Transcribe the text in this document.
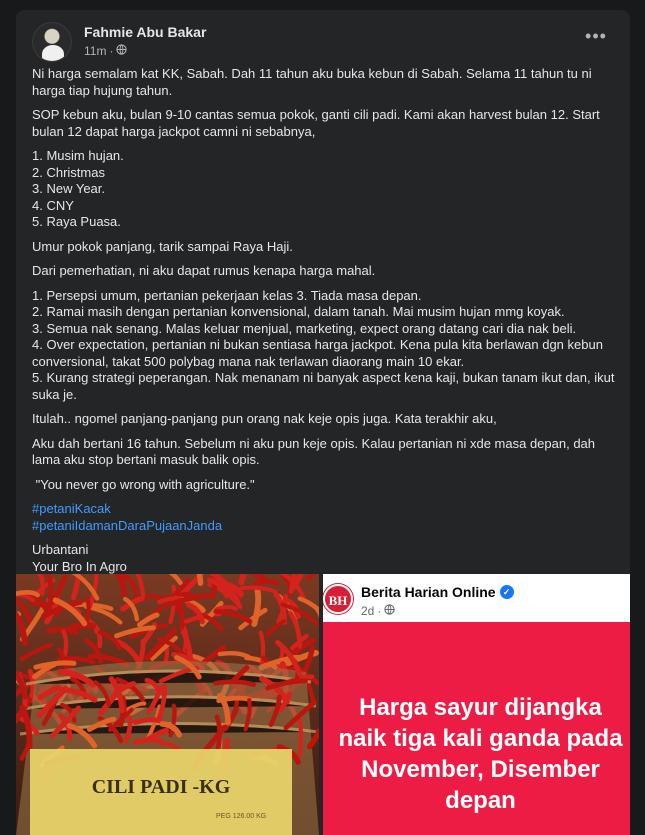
Fahmie Abu Bakar
11m ·
•••

Ni harga semalam kat KK, Sabah. Dah 11 tahun aku buka kebun di Sabah. Selama 11 tahun tu ni harga tiap hujung tahun.

SOP kebun aku, bulan 9-10 cantas semua pokok, ganti cili padi. Kami akan harvest bulan 12. Start bulan 12 dapat harga jackpot camni ni sebabnya,

1. Musim hujan.
2. Christmas
3. New Year.
4. CNY
5. Raya Puasa.

Umur pokok panjang, tarik sampai Raya Haji.

Dari pemerhatian, ni aku dapat rumus kenapa harga mahal.

1. Persepsi umum, pertanian pekerjaan kelas 3. Tiada masa depan.
2. Ramai masih dengan pertanian konvensional, dalam tanah. Mai musim hujan mmg koyak.
3. Semua nak senang. Malas keluar menjual, marketing, expect orang datang cari dia nak beli.
4. Over expectation, pertanian ni bukan sentiasa harga jackpot. Kena pula kita berlawan dgn kebun conversional, takat 500 polybag mana nak terlawan diaorang main 10 ekar.
5. Kurang strategi peperangan. Nak menanam ni banyak aspect kena kaji, bukan tanam ikut dan, ikut suka je.

Itulah.. ngomel panjang-panjang pun orang nak keje opis juga. Kata terakhir aku,

Aku dah bertani 16 tahun. Sebelum ni aku pun keje opis. Kalau pertanian ni xde masa depan, dah lama aku stop bertani masuk balik opis.

"You never go wrong with agriculture."

#petaniKacak
#petaniIdamanDaraPujaanJanda

Urbantani
Your Bro In Agro

CILI PADI -KG
PEG 126.00 KG
BH
Berita Harian Online ✓
2d ·
Harga sayur dijangka naik tiga kali ganda pada November, Disember depan
